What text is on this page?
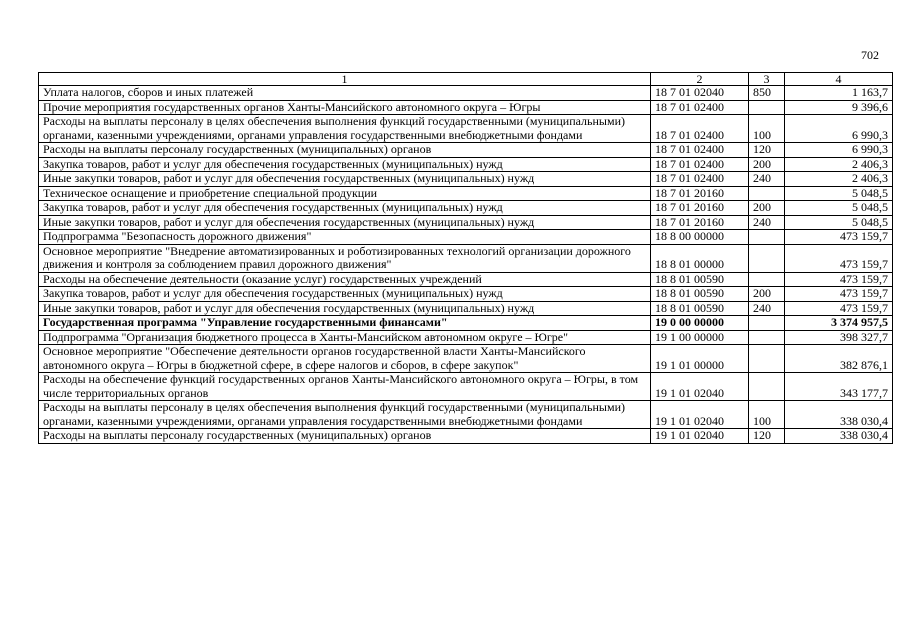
702
1	2	3	4
Уплата налогов, сборов и иных платежей	18 7 01 02040	850	1 163,7
Прочие мероприятия государственных органов Ханты-Мансийского автономного округа – Югры	18 7 01 02400		9 396,6
Расходы на выплаты персоналу в целях обеспечения выполнения функций государственными (муниципальными) органами, казенными учреждениями, органами управления государственными внебюджетными фондами	18 7 01 02400	100	6 990,3
Расходы на выплаты персоналу государственных (муниципальных) органов	18 7 01 02400	120	6 990,3
Закупка товаров, работ и услуг для обеспечения государственных (муниципальных) нужд	18 7 01 02400	200	2 406,3
Иные закупки товаров, работ и услуг для обеспечения государственных (муниципальных) нужд	18 7 01 02400	240	2 406,3
Техническое оснащение и приобретение специальной продукции	18 7 01 20160		5 048,5
Закупка товаров, работ и услуг для обеспечения государственных (муниципальных) нужд	18 7 01 20160	200	5 048,5
Иные закупки товаров, работ и услуг для обеспечения государственных (муниципальных) нужд	18 7 01 20160	240	5 048,5
Подпрограмма "Безопасность дорожного движения"	18 8 00 00000		473 159,7
Основное мероприятие "Внедрение автоматизированных и роботизированных технологий организации дорожного движения и контроля за соблюдением правил дорожного движения"	18 8 01 00000		473 159,7
Расходы на обеспечение деятельности (оказание услуг) государственных учреждений	18 8 01 00590		473 159,7
Закупка товаров, работ и услуг для обеспечения государственных (муниципальных) нужд	18 8 01 00590	200	473 159,7
Иные закупки товаров, работ и услуг для обеспечения государственных (муниципальных) нужд	18 8 01 00590	240	473 159,7
Государственная программа "Управление государственными финансами"	19 0 00 00000		3 374 957,5
Подпрограмма "Организация бюджетного процесса в Ханты-Мансийском автономном округе – Югре"	19 1 00 00000		398 327,7
Основное мероприятие "Обеспечение деятельности органов государственной власти Ханты-Мансийского автономного округа – Югры в бюджетной сфере, в сфере налогов и сборов, в сфере закупок"	19 1 01 00000		382 876,1
Расходы на обеспечение функций государственных органов Ханты-Мансийского автономного округа – Югры, в том числе территориальных органов	19 1 01 02040		343 177,7
Расходы на выплаты персоналу в целях обеспечения выполнения функций государственными (муниципальными) органами, казенными учреждениями, органами управления государственными внебюджетными фондами	19 1 01 02040	100	338 030,4
Расходы на выплаты персоналу государственных (муниципальных) органов	19 1 01 02040	120	338 030,4
